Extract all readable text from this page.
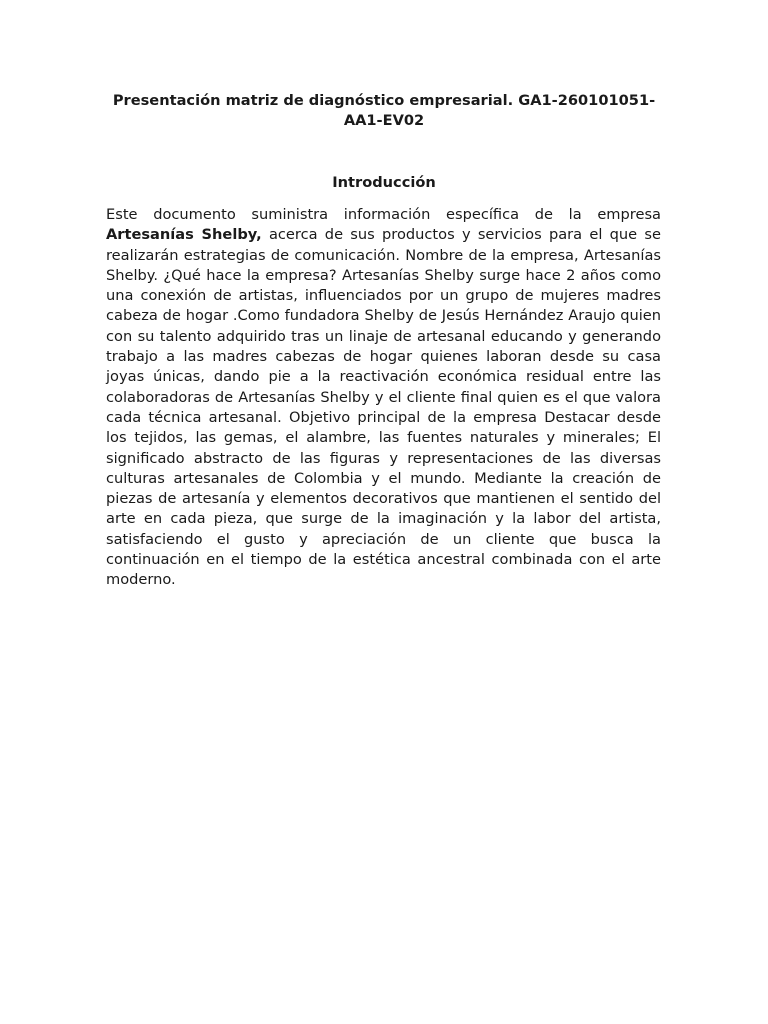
Presentación matriz de diagnóstico empresarial. GA1-260101051-AA1-EV02
Introducción

Este documento suministra información específica de la empresa Artesanías Shelby, acerca de sus productos y servicios para el que se realizarán estrategias de comunicación. Nombre de la empresa, Artesanías Shelby. ¿Qué hace la empresa? Artesanías Shelby surge hace 2 años como una conexión de artistas, influenciados por un grupo de mujeres madres cabeza de hogar .Como fundadora Shelby de Jesús Hernández Araujo quien con su talento adquirido tras un linaje de artesanal educando y generando trabajo a las madres cabezas de hogar quienes laboran desde su casa joyas únicas, dando pie a la reactivación económica residual entre las colaboradoras de Artesanías Shelby y el cliente final quien es el que valora cada técnica artesanal. Objetivo principal de la empresa Destacar desde los tejidos, las gemas, el alambre, las fuentes naturales y minerales; El significado abstracto de las figuras y representaciones de las diversas culturas artesanales de Colombia y el mundo. Mediante la creación de piezas de artesanía y elementos decorativos que mantienen el sentido del arte en cada pieza, que surge de la imaginación y la labor del artista, satisfaciendo el gusto y apreciación de un cliente que busca la continuación en el tiempo de la estética ancestral combinada con el arte moderno.
